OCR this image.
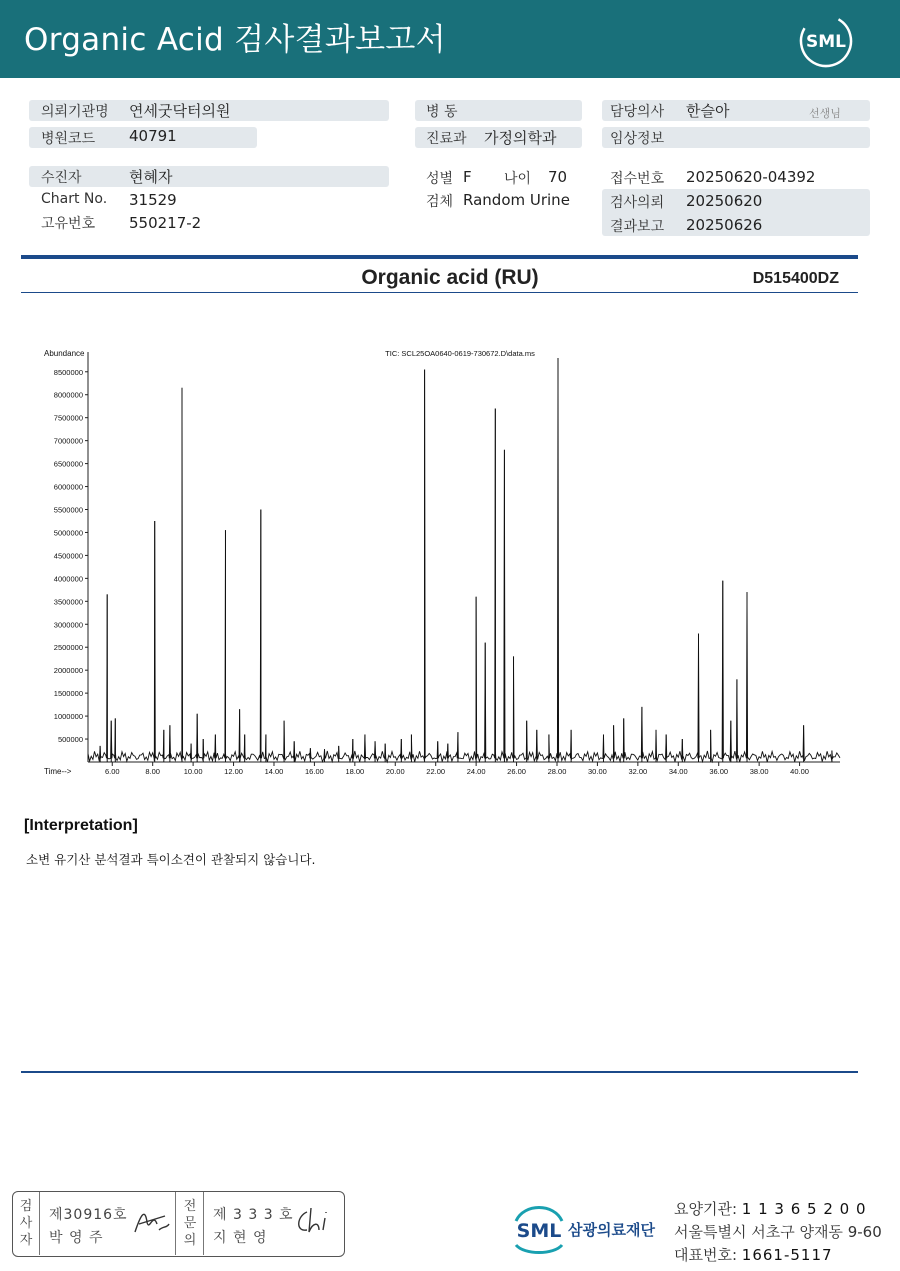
Organic Acid 검사결과보고서	SML
의뢰기관명 연세굿닥터의원
병원코드 40791
수진자	현혜자
Chart No. 31529
고유번호 550217-2
병 동
진료과 가정의학과
성별 F 나이 70
검체 Random Urine
담당의사 한슬아	선생님
임상정보
접수번호 20250620-04392
검사의뢰 20250620
결과보고 20250626
Organic acid (RU)	D515400DZ
Abundance
Time-->
TIC: SCL25OA0640-0619-730672.D\data.ms
500000
1000000
1500000
2000000
2500000
3000000
3500000
4000000
4500000
5000000
5500000
6000000
6500000
7000000
7500000
8000000
8500000
6.00	8.00	10.00	12.00	14.00	16.00	18.00	20.00	22.00	24.00	26.00	28.00	30.00	32.00	34.00	36.00	38.00	40.00
[Interpretation]
소변 유기산 분석결과 특이소견이 관찰되지 않습니다.
검
사
자
제30916호
박 영 주
전
문
의
제 3 3 3 호
지 현 영	SML 삼광의료재단
요양기관: 1 1 3 6 5 2 0 0
서울특별시 서초구 양재동 9-60
대표번호: 1661-5117
